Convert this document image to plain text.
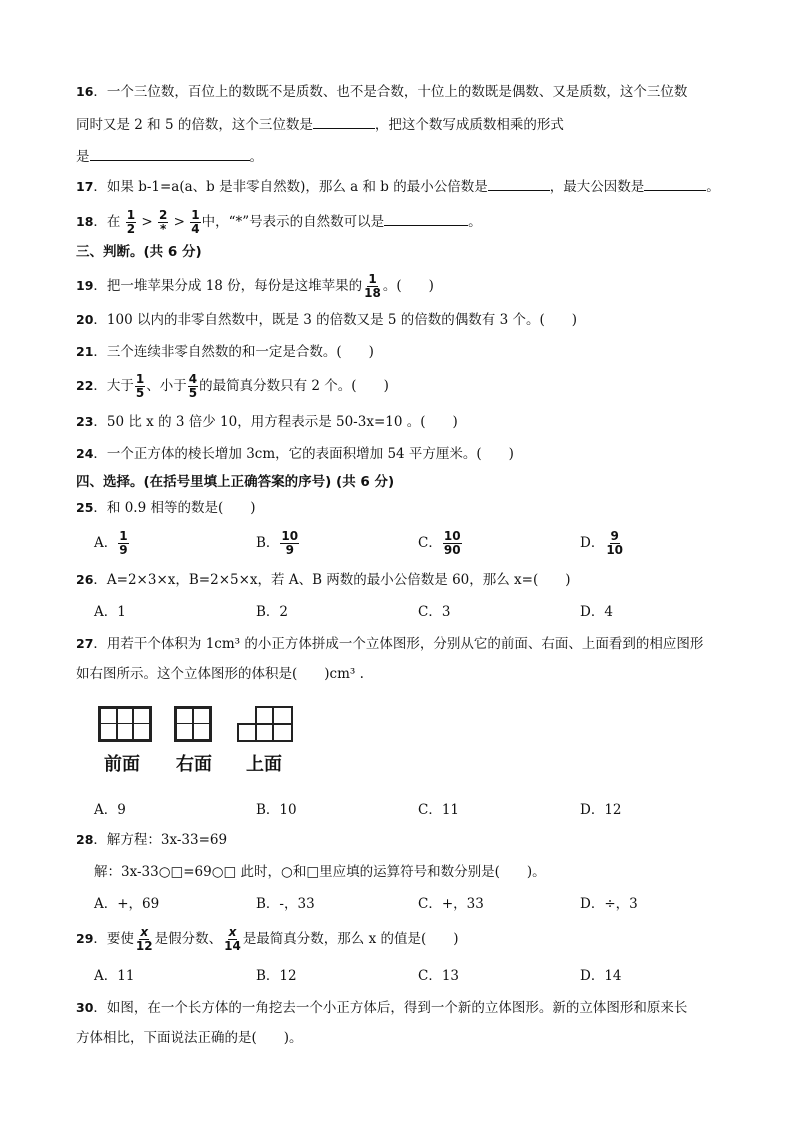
16．一个三位数，百位上的数既不是质数、也不是合数，十位上的数既是偶数、又是质数，这个三位数
同时又是 2 和 5 的倍数，这个三位数是	，把这个数写成质数相乘的形式
是	。
17．如果 b-1=a(a、b 是非零自然数)，那么 a 和 b 的最小公倍数是	，最大公因数是	。
18．在 $\frac{1}{2} > \frac{2}{*} > \frac{1}{4}$ 中，“*”号表示的自然数可以是	。
三、判断。(共 6 分)
19．把一堆苹果分成 18 份，每份是这堆苹果的 $\frac{1}{18}$ 。(　　)
20．100 以内的非零自然数中，既是 3 的倍数又是 5 的倍数的偶数有 3 个。(　　)
21．三个连续非零自然数的和一定是合数。(　　)
22．大于 $\frac{1}{5}$ 、小于 $\frac{4}{5}$ 的最简真分数只有 2 个。(　　)
23．50 比 x 的 3 倍少 10，用方程表示是 50-3x=10 。(　　)
24．一个正方体的棱长增加 3cm，它的表面积增加 54 平方厘米。(　　)
四、选择。(在括号里填上正确答案的序号) (共 6 分)
25．和 0.9 相等的数是(　　)
A． $\frac{1}{9}$	B． $\frac{10}{9}$	C． $\frac{10}{90}$	D． $\frac{9}{10}$
26．A=2×3×x，B=2×5×x，若 A、B 两数的最小公倍数是 60，那么 x=(　　)
A．1	B．2	C．3	D．4
27．用若干个体积为 1cm³ 的小正方体拼成一个立体图形，分别从它的前面、右面、上面看到的相应图形
如右图所示。这个立体图形的体积是(　　)cm³ .
前面 右面 上面
A．9	B．10	C．11	D．12
28．解方程：3x-33=69
解：3x-33○□=69○□ 此时，○和□里应填的运算符号和数分别是(　　)。
A．+，69	B．-，33	C．+，33	D．÷，3
29．要使 $\frac{x}{12}$ 是假分数、 $\frac{x}{14}$ 是最简真分数，那么 x 的值是(　　)
A．11	B．12	C．13	D．14
30．如图，在一个长方体的一角挖去一个小正方体后，得到一个新的立体图形。新的立体图形和原来长
方体相比，下面说法正确的是(　　)。
